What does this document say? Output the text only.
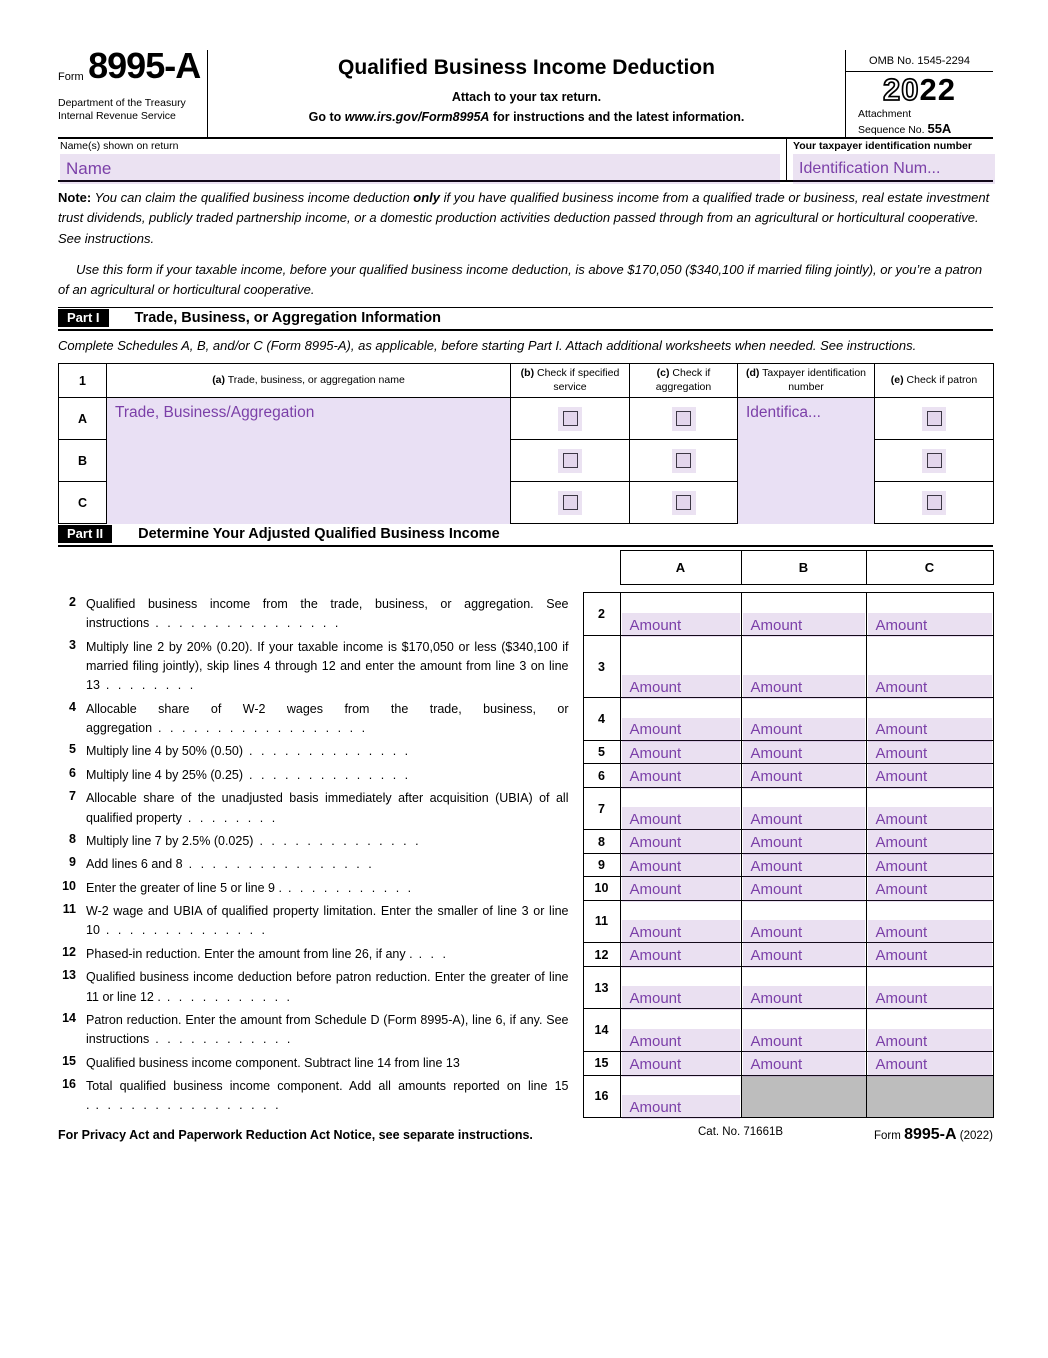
Form 8995-A
Department of the Treasury
Internal Revenue Service
Qualified Business Income Deduction
Attach to your tax return.
Go to www.irs.gov/Form8995A for instructions and the latest information.
OMB No. 1545-2294
2022
Attachment
Sequence No. 55A
Name(s) shown on return
Name
Your taxpayer identification number
Identification Num...
Note: You can claim the qualified business income deduction only if you have qualified business income from a qualified trade or business, real estate investment trust dividends, publicly traded partnership income, or a domestic production activities deduction passed through from an agricultural or horticultural cooperative. See instructions.
Use this form if your taxable income, before your qualified business income deduction, is above $170,050 ($340,100 if married filing jointly), or you’re a patron of an agricultural or horticultural cooperative.
Part I	Trade, Business, or Aggregation Information
Complete Schedules A, B, and/or C (Form 8995-A), as applicable, before starting Part I. Attach additional worksheets when needed. See instructions.
1	(a) Trade, business, or aggregation name	(b) Check if specified service	(c) Check if aggregation	(d) Taxpayer identification number	(e) Check if patron
A	Trade, Business/Aggregation			Identifica...	

B		

C		

Part II	Determine Your Adjusted Qualified Business Income
			A	B	C

2	Qualified business income from the trade, business, or aggregation. See instructions ................	2	Amount	Amount	Amount

3	Multiply line 2 by 20% (0.20). If your taxable income is $170,050 or less ($340,100 if married filing jointly), skip lines 4 through 12 and enter the amount from line 3 on line 13 ........	3	Amount	Amount	Amount

4	Allocable share of W-2 wages from the trade, business, or aggregation ..................	4	Amount	Amount	Amount

5	Multiply line 4 by 50% (0.50) ..............	5	Amount	Amount	Amount

6	Multiply line 4 by 25% (0.25) ..............	6	Amount	Amount	Amount

7	Allocable share of the unadjusted basis immediately after acquisition (UBIA) of all qualified property ........	7	Amount	Amount	Amount

8	Multiply line 7 by 2.5% (0.025) ..............	8	Amount	Amount	Amount

9	Add lines 6 and 8 ................	9	Amount	Amount	Amount

10	Enter the greater of line 5 or line 9 . ...........	10	Amount	Amount	Amount

11	W-2 wage and UBIA of qualified property limitation. Enter the smaller of line 3 or line 10 ..............	11	Amount	Amount	Amount

12	Phased-in reduction. Enter the amount from line 26, if any . ...	12	Amount	Amount	Amount

13	Qualified business income deduction before patron reduction. Enter the greater of line 11 or line 12 . ...........	13	Amount	Amount	Amount

14	Patron reduction. Enter the amount from Schedule D (Form 8995-A), line 6, if any. See instructions ............	14	Amount	Amount	Amount

15	Qualified business income component. Subtract line 14 from line 13	15	Amount	Amount	Amount

16	Total qualified business income component. Add all amounts reported on line 15 . ................	16	Amount		

For Privacy Act and Paperwork Reduction Act Notice, see separate instructions.	Cat. No. 71661B	Form 8995-A (2022)
